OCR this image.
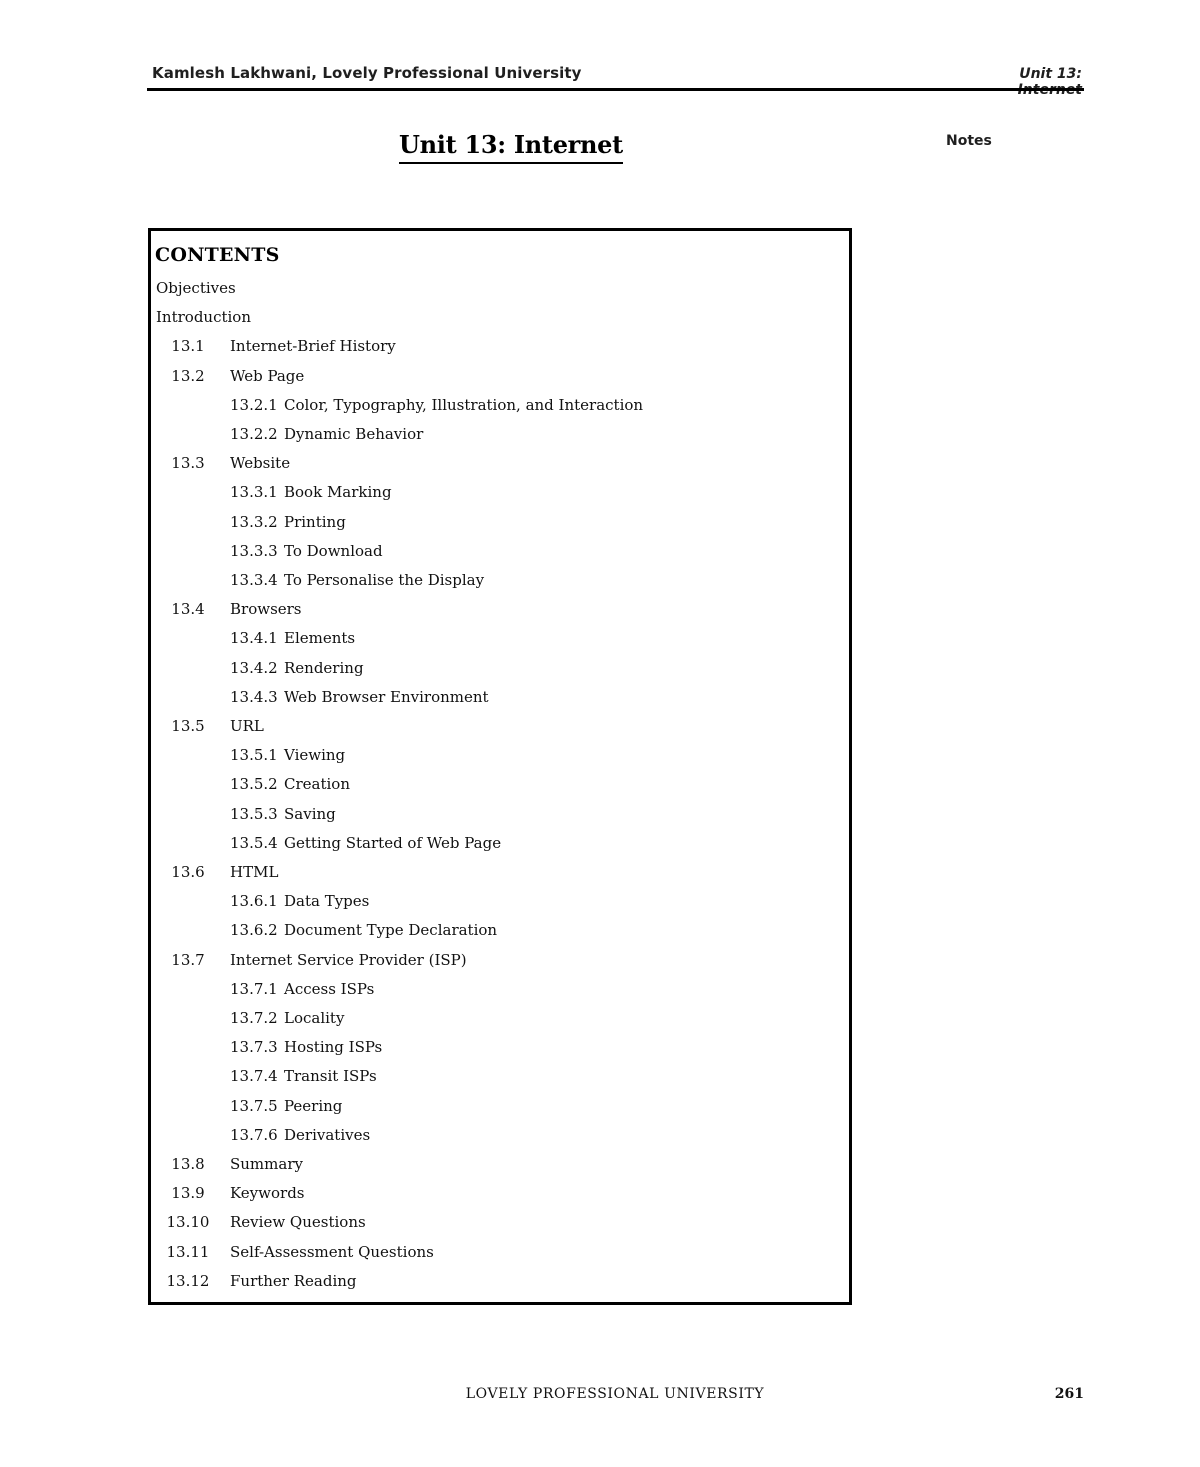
Kamlesh Lakhwani, Lovely Professional University	Unit 13:
Unit 13: Internet	Notes
CONTENTS
Objectives
Introduction
13.1	Internet-Brief History
13.2	Web Page
13.2.1 Color, Typography, Illustration, and Interaction
13.2.2 Dynamic Behavior
13.3	Website
13.3.1 Book Marking
13.3.2 Printing
13.3.3 To Download
13.3.4 To Personalise the Display
13.4	Browsers
13.4.1 Elements
13.4.2 Rendering
13.4.3 Web Browser Environment
13.5	URL
13.5.1 Viewing
13.5.2 Creation
13.5.3 Saving
13.5.4 Getting Started of Web Page
13.6	HTML
13.6.1 Data Types
13.6.2 Document Type Declaration
13.7	Internet Service Provider (ISP)
13.7.1 Access ISPs
13.7.2 Locality
13.7.3 Hosting ISPs
13.7.4 Transit ISPs
13.7.5 Peering
13.7.6 Derivatives
13.8	Summary
13.9	Keywords
13.10 Review Questions
13.11 Self-Assessment Questions
13.12 Further Reading
LOVELY PROFESSIONAL UNIVERSITY	261
